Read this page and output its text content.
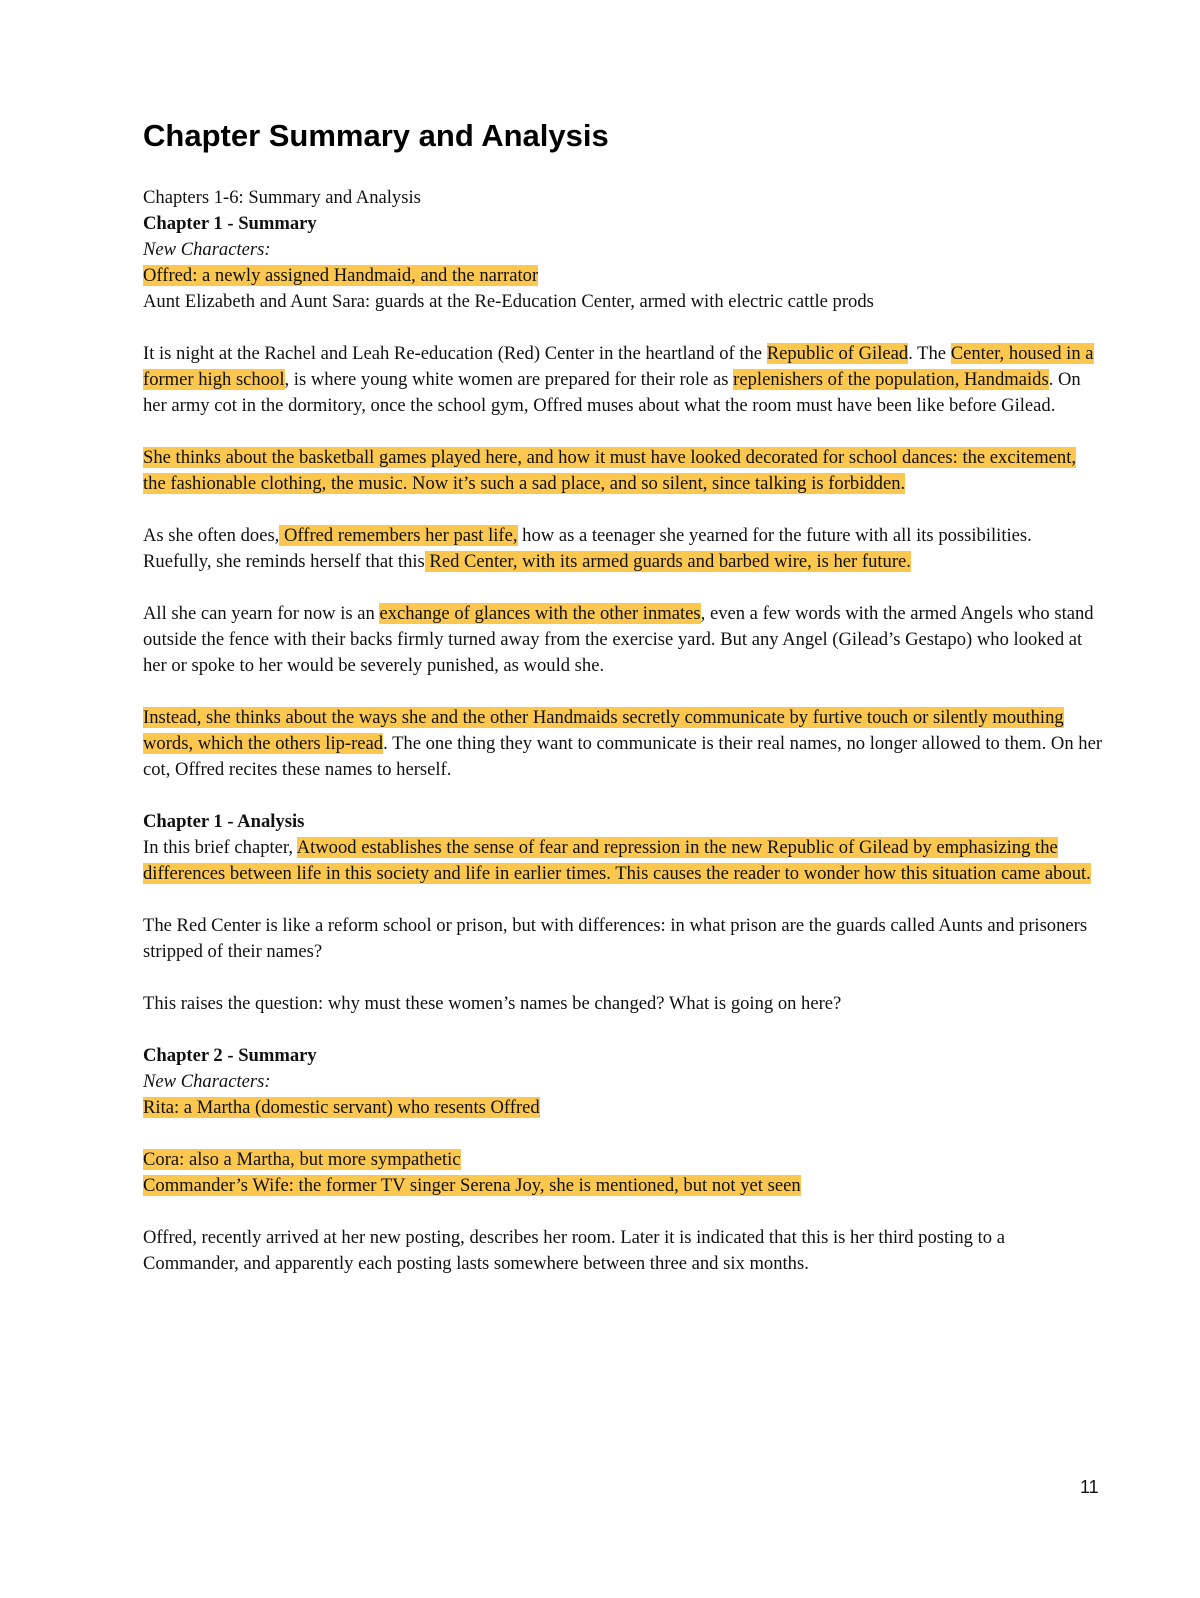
Chapter Summary and Analysis

Chapters 1-6: Summary and Analysis

Chapter 1 - Summary

New Characters:

Offred: a newly assigned Handmaid, and the narrator

Aunt Elizabeth and Aunt Sara: guards at the Re-Education Center, armed with electric cattle prods

It is night at the Rachel and Leah Re-education (Red) Center in the heartland of the Republic of Gilead. The Center, housed in a former high school, is where young white women are prepared for their role as replenishers of the population, Handmaids. On her army cot in the dormitory, once the school gym, Offred muses about what the room must have been like before Gilead.

She thinks about the basketball games played here, and how it must have looked decorated for school dances: the excitement, the fashionable clothing, the music. Now it’s such a sad place, and so silent, since talking is forbidden.

As she often does, Offred remembers her past life, how as a teenager she yearned for the future with all its possibilities. Ruefully, she reminds herself that this Red Center, with its armed guards and barbed wire, is her future.

All she can yearn for now is an exchange of glances with the other inmates, even a few words with the armed Angels who stand outside the fence with their backs firmly turned away from the exercise yard. But any Angel (Gilead’s Gestapo) who looked at her or spoke to her would be severely punished, as would she.

Instead, she thinks about the ways she and the other Handmaids secretly communicate by furtive touch or silently mouthing words, which the others lip-read. The one thing they want to communicate is their real names, no longer allowed to them. On her cot, Offred recites these names to herself.

Chapter 1 - Analysis

In this brief chapter, Atwood establishes the sense of fear and repression in the new Republic of Gilead by emphasizing the differences between life in this society and life in earlier times. This causes the reader to wonder how this situation came about.

The Red Center is like a reform school or prison, but with differences: in what prison are the guards called Aunts and prisoners stripped of their names?

This raises the question: why must these women’s names be changed? What is going on here?

Chapter 2 - Summary

New Characters:

Rita: a Martha (domestic servant) who resents Offred

Cora: also a Martha, but more sympathetic

Commander’s Wife: the former TV singer Serena Joy, she is mentioned, but not yet seen

Offred, recently arrived at her new posting, describes her room. Later it is indicated that this is her third posting to a Commander, and apparently each posting lasts somewhere between three and six months.

11
